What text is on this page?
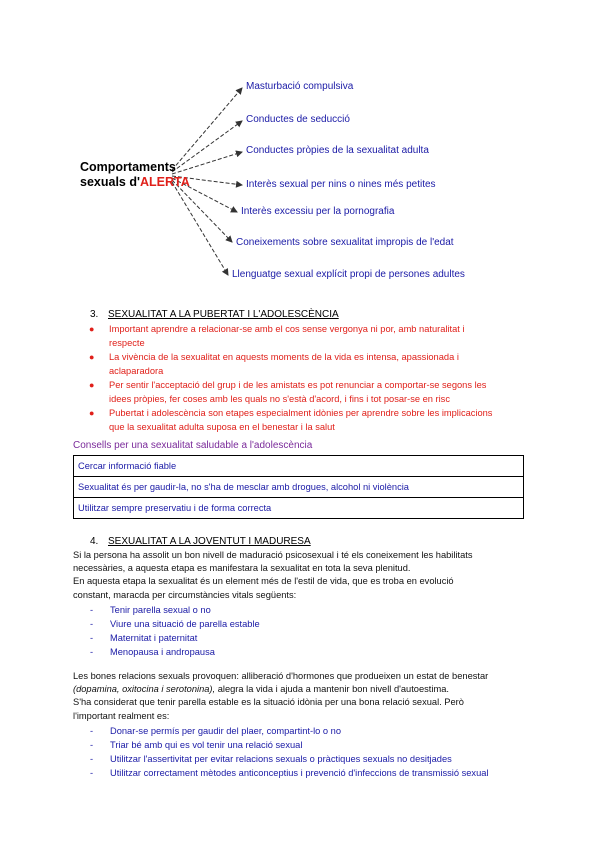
Comportaments
sexuals d'ALERTA
Masturbació compulsiva
Conductes de seducció
Conductes pròpies de la sexualitat adulta
Interès sexual per nins o nines més petites
Interès excessiu per la pornografia
Coneixements sobre sexualitat impropis de l'edat
Llenguatge sexual explícit propi de persones adultes
3. SEXUALITAT A LA PUBERTAT I L'ADOLESCÈNCIA
● Important aprendre a relacionar-se amb el cos sense vergonya ni por, amb naturalitat i
respecte
● La vivència de la sexualitat en aquests moments de la vida es intensa, apassionada i
aclaparadora
● Per sentir l'acceptació del grup i de les amistats es pot renunciar a comportar-se segons les
idees pròpies, fer coses amb les quals no s'està d'acord, i fins i tot posar-se en risc
● Pubertat i adolescència son etapes especialment idònies per aprendre sobre les implicacions
que la sexualitat adulta suposa en el benestar i la salut
Consells per una sexualitat saludable a l'adolescència
Cercar informació fiable
Sexualitat és per gaudir-la, no s'ha de mesclar amb drogues, alcohol ni violència
Utilitzar sempre preservatiu i de forma correcta
4. SEXUALITAT A LA JOVENTUT I MADURESA
Si la persona ha assolit un bon nivell de maduració psicosexual i té els coneixement les habilitats
necessàries, a aquesta etapa es manifestara la sexualitat en tota la seva plenitud.
En aquesta etapa la sexualitat és un element més de l'estil de vida, que es troba en evolució
constant, maracda per circumstàncies vitals següents:
- Tenir parella sexual o no
- Viure una situació de parella estable
- Maternitat i paternitat
- Menopausa i andropausa
Les bones relacions sexuals provoquen: alliberació d'hormones que produeixen un estat de benestar
(dopamina, oxitocina i serotonina), alegra la vida i ajuda a mantenir bon nivell d'autoestima.
S'ha considerat que tenir parella estable es la situació idònia per una bona relació sexual. Però
l'important realment es:
- Donar-se permís per gaudir del plaer, compartint-lo o no
- Triar bé amb qui es vol tenir una relació sexual
- Utilitzar l'assertivitat per evitar relacions sexuals o pràctiques sexuals no desitjades
- Utilitzar correctament mètodes anticonceptius i prevenció d'infeccions de transmissió sexual
